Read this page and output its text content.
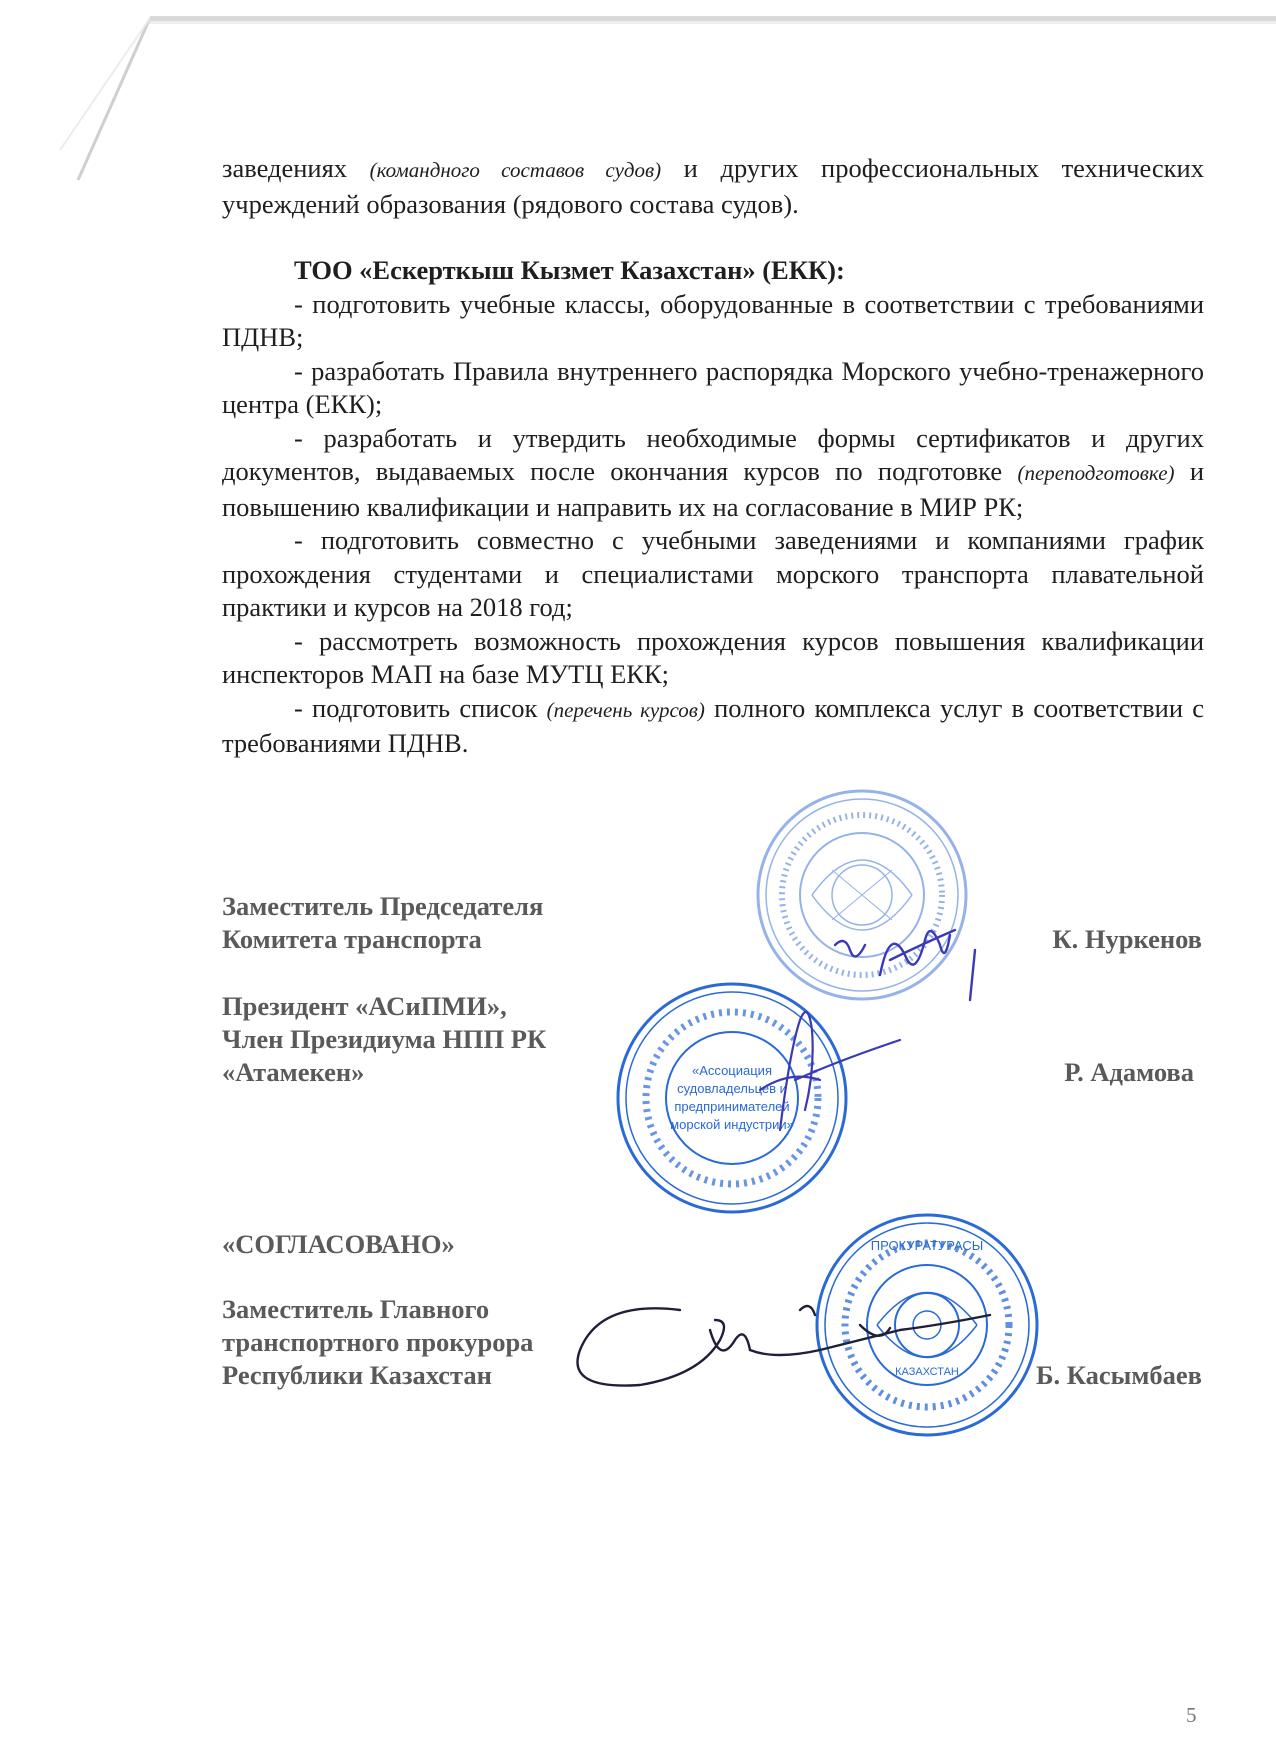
заведениях (командного составов судов) и других профессиональных технических учреждений образования (рядового состава судов).

ТОО «Ескерткыш Кызмет Казахстан» (ЕКК):

- подготовить учебные классы, оборудованные в соответствии с требованиями ПДНВ;

- разработать Правила внутреннего распорядка Морского учебно-тренажерного центра (ЕКК);

- разработать и утвердить необходимые формы сертификатов и других документов, выдаваемых после окончания курсов по подготовке (переподготовке) и повышению квалификации и направить их на согласование в МИР РК;

- подготовить совместно с учебными заведениями и компаниями график прохождения студентами и специалистами морского транспорта плавательной практики и курсов на 2018 год;

- рассмотреть возможность прохождения курсов повышения квалификации инспекторов МАП на базе МУТЦ ЕКК;

- подготовить список (перечень курсов) полного комплекса услуг в соответствии с требованиями ПДНВ.

Заместитель Председателя
Комитета транспорта	К. Нуркенов
«Ассоциация
судовладельцев и
предпринимателей
морской индустрии»
Президент «АСиПМИ»,
Член Президиума НПП РК
«Атамекен»	Р. Адамова
«СОГЛАСОВАНО»	ПРОКУРАТУРАСЫ
КАЗАХСТАН
Заместитель Главного
транспортного прокурора
Республики Казахстан	Б. Касымбаев
5
